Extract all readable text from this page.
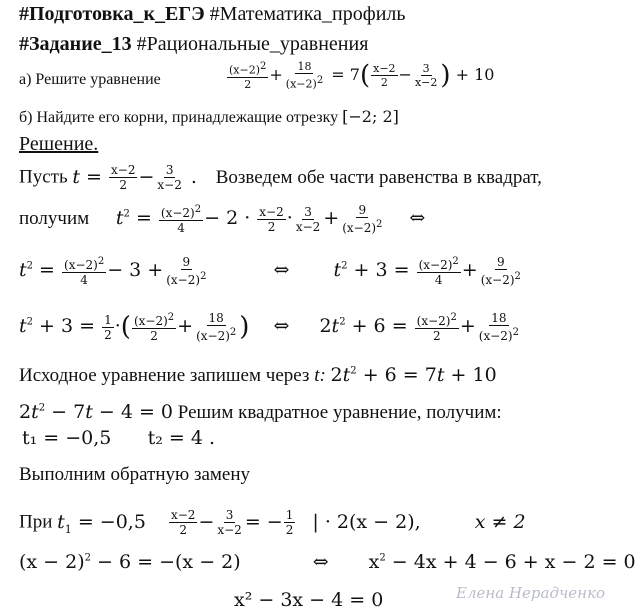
#Подготовка_к_ЕГЭ #Математика_профиль
#Задание_13 #Рациональные_уравнения
а) Решите уравнение	$\frac{(x-2)^2}{2} + \frac{18}{(x-2)^2} = 7( \frac{x-2}{2} - \frac{3}{x-2}$ ) + 10
б) Найдите его корни, принадлежащие отрезку [−2; 2]
Решение.
Пусть $t = \frac{x-2}{2} - \frac{3}{x-2}$ . Возведем обе части равенства в квадрат,
получим $t^2 = \frac{(x-2)^2}{4} - 2 \cdot \frac{x-2}{2} \cdot \frac{3}{x-2} + \frac{9}{(x-2)^2}$ ⇔
$t^2 = \frac{(x-2)^2}{4} - 3 + \frac{9}{(x-2)^2}$	⇔ $t^2 + 3 = \frac{(x-2)^2}{4} + \frac{9}{(x-2)^2}$
$t^2 + 3 = \frac{1}{2}$ ·( $\frac{(x-2)^2}{2} + \frac{18}{(x-2)^2}$ ) ⇔ $2t^2 + 6 = \frac{(x-2)^2}{2} + \frac{18}{(x-2)^2}$
Исходное уравнение запишем через t: $2t^2 + 6 = 7t + 10$
$2t^2 - 7t - 4 = 0$ Решим квадратное уравнение, получим:
t₁ = −0,5      t₂ = 4 .
Выполним обратную замену
При $t_1 = -0,5 \frac{x-2}{2} - \frac{3}{x-2}$ = − $\frac{1}{2}$ | · 2(x − 2),	x ≠ 2
$(x - 2)^2 - 6 = -(x - 2)$	⇔ $x^2 - 4x + 4 - 6 + x - 2 = 0$
x² − 3x − 4 = 0	Елена Нерадченко
